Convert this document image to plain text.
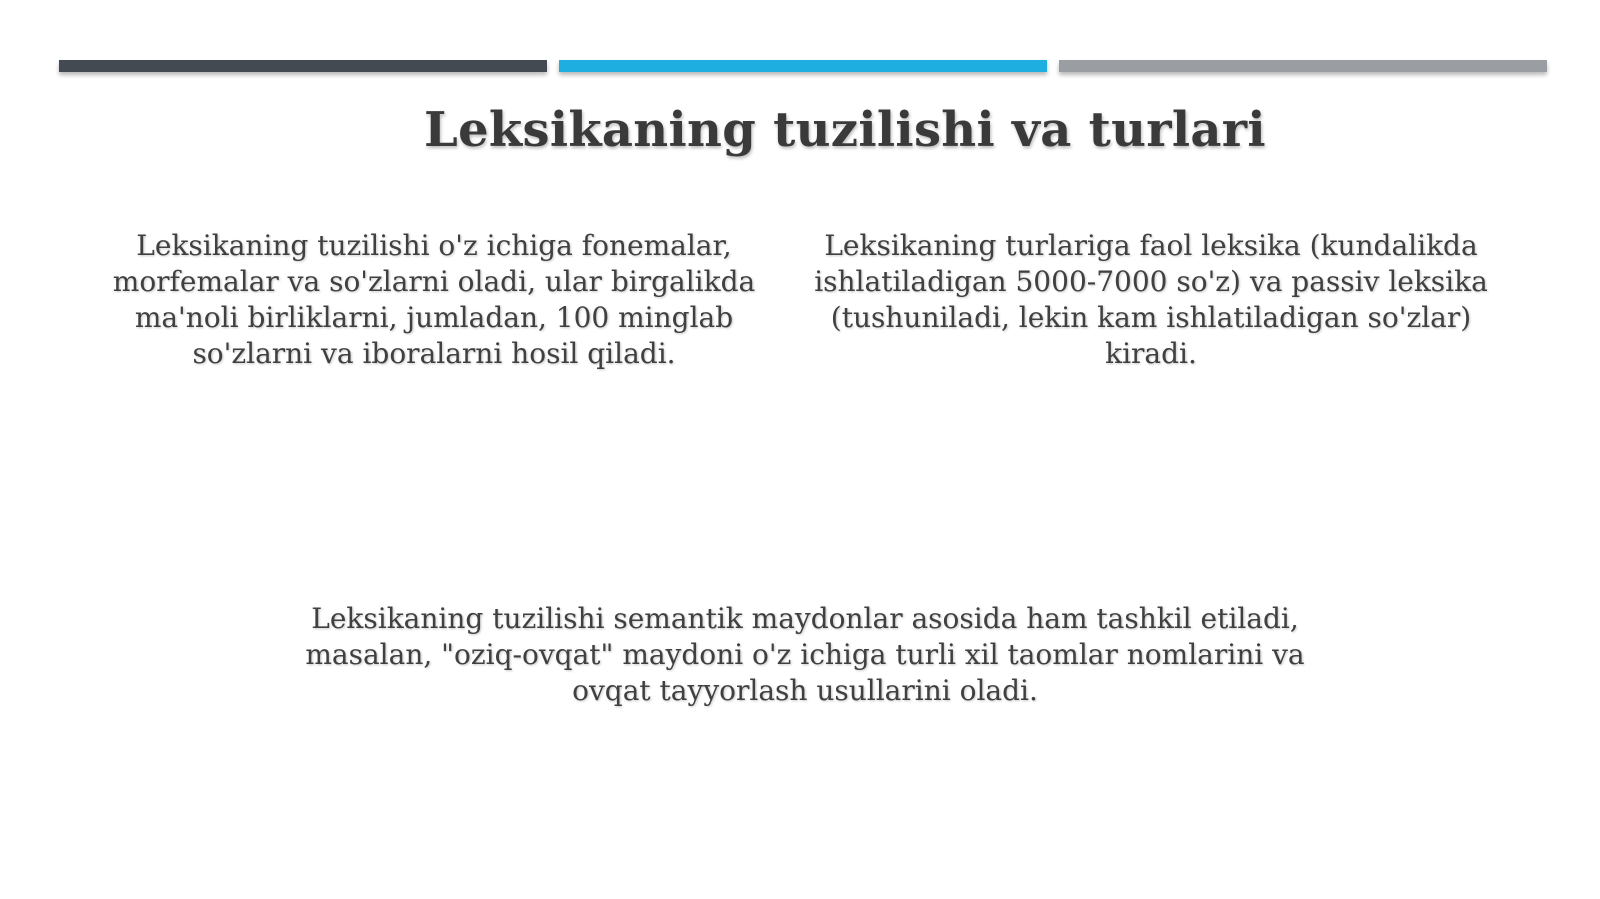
Leksikaning tuzilishi va turlari
Leksikaning tuzilishi o'z ichiga fonemalar, morfemalar va so'zlarni oladi, ular birgalikda ma'noli birliklarni, jumladan, 100 minglab so'zlarni va iboralarni hosil qiladi.
Leksikaning turlariga faol leksika (kundalikda ishlatiladigan 5000-7000 so'z) va passiv leksika (tushuniladi, lekin kam ishlatiladigan so'zlar) kiradi.
Leksikaning tuzilishi semantik maydonlar asosida ham tashkil etiladi, masalan, "oziq-ovqat" maydoni o'z ichiga turli xil taomlar nomlarini va ovqat tayyorlash usullarini oladi.
